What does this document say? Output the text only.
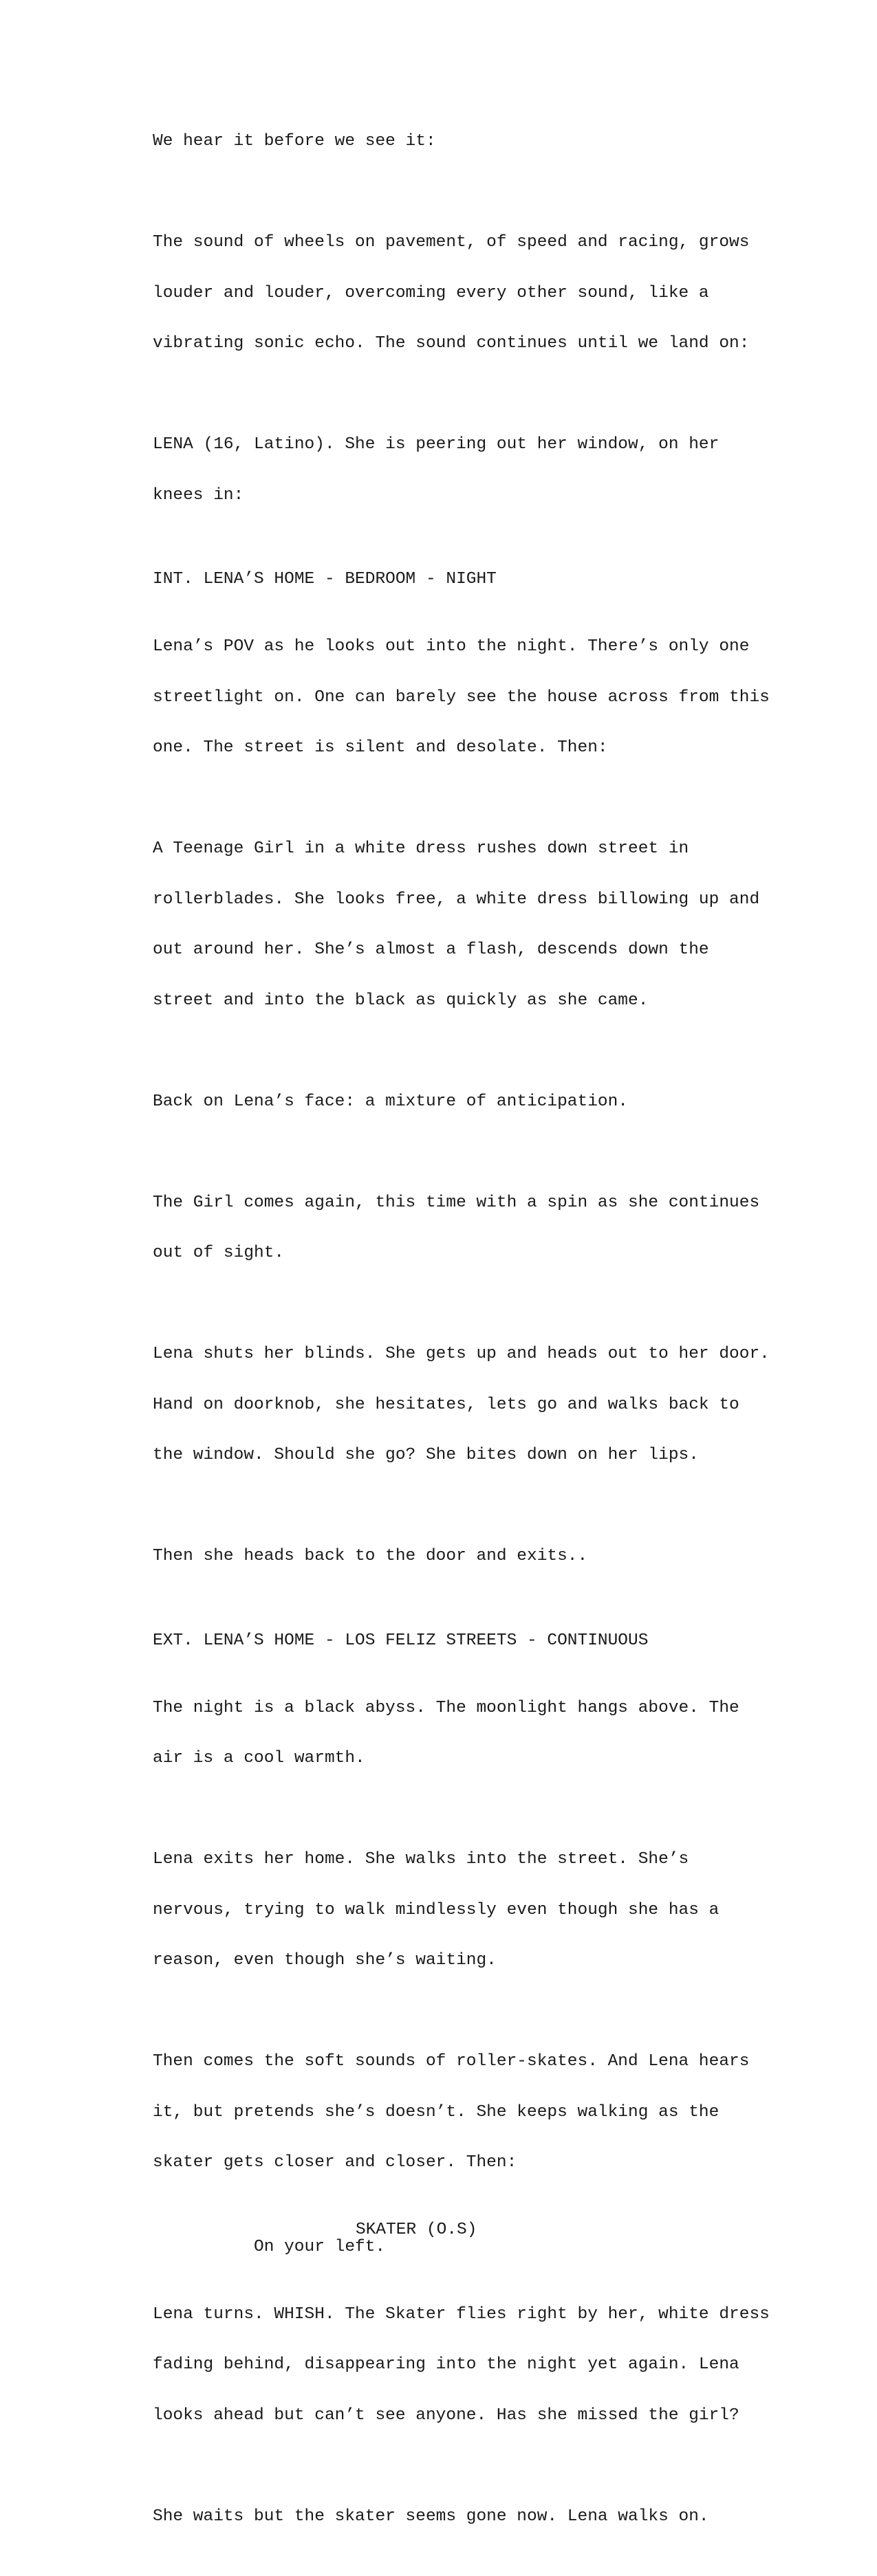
We hear it before we see it:

The sound of wheels on pavement, of speed and racing, grows

louder and louder, overcoming every other sound, like a

vibrating sonic echo. The sound continues until we land on:

LENA (16, Latino). She is peering out her window, on her

knees in:

INT. LENA’S HOME - BEDROOM - NIGHT

Lena’s POV as he looks out into the night. There’s only one

streetlight on. One can barely see the house across from this

one. The street is silent and desolate. Then:

A Teenage Girl in a white dress rushes down street in

rollerblades. She looks free, a white dress billowing up and

out around her. She’s almost a flash, descends down the

street and into the black as quickly as she came.

Back on Lena’s face: a mixture of anticipation.

The Girl comes again, this time with a spin as she continues

out of sight.

Lena shuts her blinds. She gets up and heads out to her door.

Hand on doorknob, she hesitates, lets go and walks back to

the window. Should she go? She bites down on her lips.

Then she heads back to the door and exits..

EXT. LENA’S HOME - LOS FELIZ STREETS - CONTINUOUS

The night is a black abyss. The moonlight hangs above. The

air is a cool warmth.

Lena exits her home. She walks into the street. She’s

nervous, trying to walk mindlessly even though she has a

reason, even though she’s waiting.

Then comes the soft sounds of roller-skates. And Lena hears

it, but pretends she’s doesn’t. She keeps walking as the

skater gets closer and closer. Then:

SKATER (O.S)
On your left.

Lena turns. WHISH. The Skater flies right by her, white dress

fading behind, disappearing into the night yet again. Lena

looks ahead but can’t see anyone. Has she missed the girl?

She waits but the skater seems gone now. Lena walks on.
